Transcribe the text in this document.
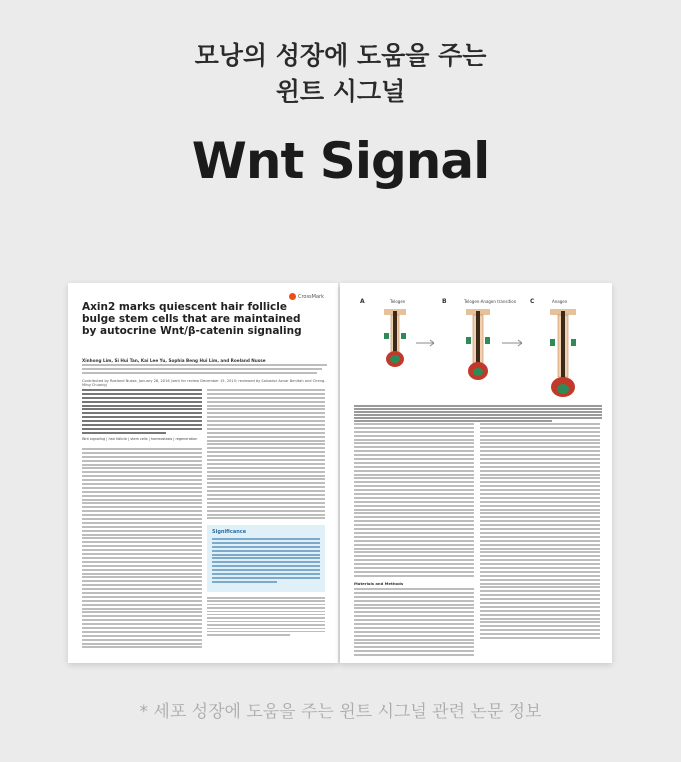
모낭의 성장에 도움을 주는
윈트 시그널
Wnt Signal
CrossMark
Axin2 marks quiescent hair follicle bulge stem cells that are maintained by autocrine Wnt/β-catenin signaling
Xinhong Lim, Si Hui Tan, Kai Lee Yu, Sophia Beng Hui Lim, and Roeland Nusse
Contributed by Roeland Nusse, January 28, 2016 (sent for review December 15, 2015; reviewed by Salvador Aznar Benitah and Cheng-Ming Chuong)
Wnt signaling | hair follicle | stem cells | homeostasis | regeneration
Significance
A	B	C
Telogen	Telogen-Anagen transition	Anagen
Materials and Methods
* 세포 성장에 도움을 주는 윈트 시그널 관련 논문 정보
